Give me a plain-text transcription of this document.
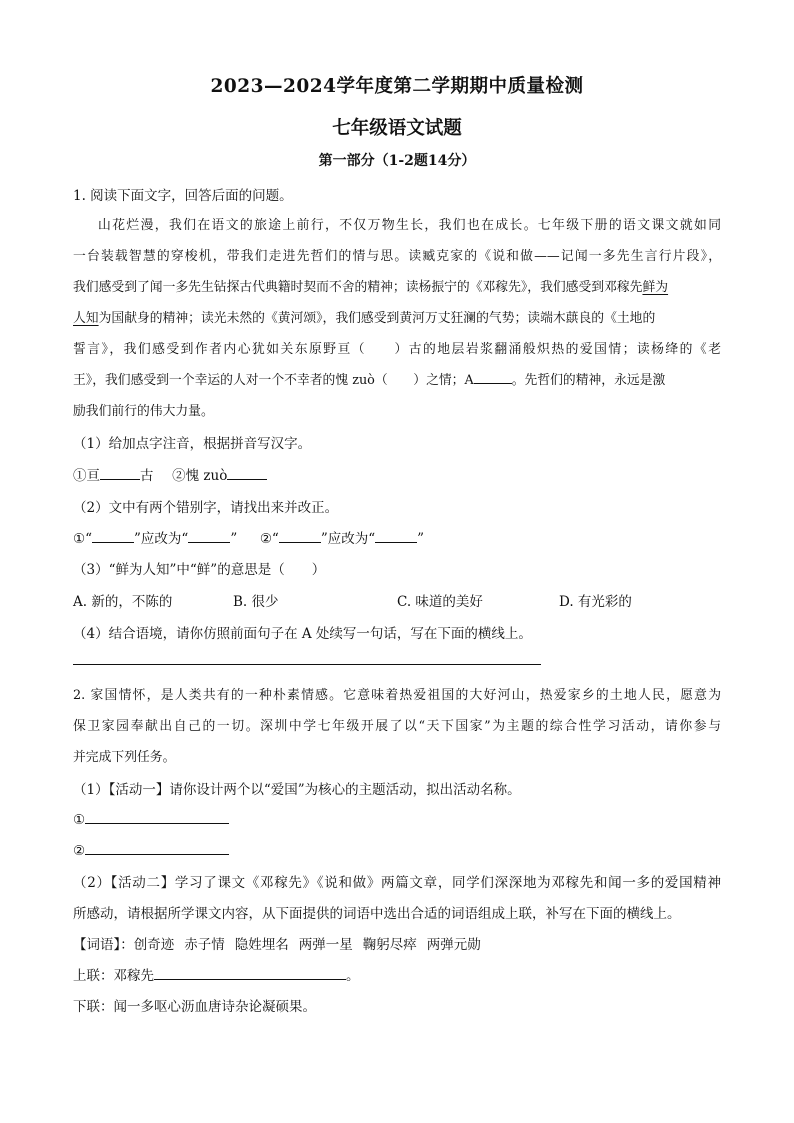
2023—2024学年度第二学期期中质量检测
七年级语文试题
第一部分（1-2题14分）
1. 阅读下面文字，回答后面的问题。
山花烂漫，我们在语文的旅途上前行，不仅万物生长，我们也在成长。七年级下册的语文课文就如同
一台装载智慧的穿梭机，带我们走进先哲们的情与思。读臧克家的《说和做——记闻一多先生言行片段》，
我们感受到了闻一多先生钻探古代典籍时契而不舍的精神；读杨振宁的《邓稼先》，我们感受到邓稼先鲜为
人知为国献身的精神；读光未然的《黄河颂》，我们感受到黄河万丈狂澜的气势；读端木蕻良的《土地的
誓言》，我们感受到作者内心犹如关东原野亘（　　）古的地层岩浆翻涌般炽热的爱国情；读杨绛的《老
王》，我们感受到一个幸运的人对一个不幸者的愧 zuò（　　）之情；A	。先哲们的精神，永远是激
励我们前行的伟大力量。
（1）给加点字注音，根据拼音写汉字。
①亘	古 ②愧 zuò
（2）文中有两个错别字，请找出来并改正。
①“	”应改为“	” ②“	”应改为“	”
（3）“鲜为人知”中“鲜”的意思是（　　）
A. 新的，不陈的	B. 很少	C. 味道的美好	D. 有光彩的
（4）结合语境，请你仿照前面句子在 A 处续写一句话，写在下面的横线上。
2. 家国情怀，是人类共有的一种朴素情感。它意味着热爱祖国的大好河山，热爱家乡的土地人民，愿意为
保卫家园奉献出自己的一切。深圳中学七年级开展了以“天下国家”为主题的综合性学习活动，请你参与
并完成下列任务。
（1）【活动一】请你设计两个以“爱国”为核心的主题活动，拟出活动名称。
①
②
（2）【活动二】学习了课文《邓稼先》《说和做》两篇文章，同学们深深地为邓稼先和闻一多的爱国精神
所感动，请根据所学课文内容，从下面提供的词语中选出合适的词语组成上联，补写在下面的横线上。
【词语】：创奇迹 赤子情 隐姓埋名 两弹一星 鞠躬尽瘁 两弹元勋
上联：邓稼先	。
下联：闻一多呕心沥血唐诗杂论凝硕果。
